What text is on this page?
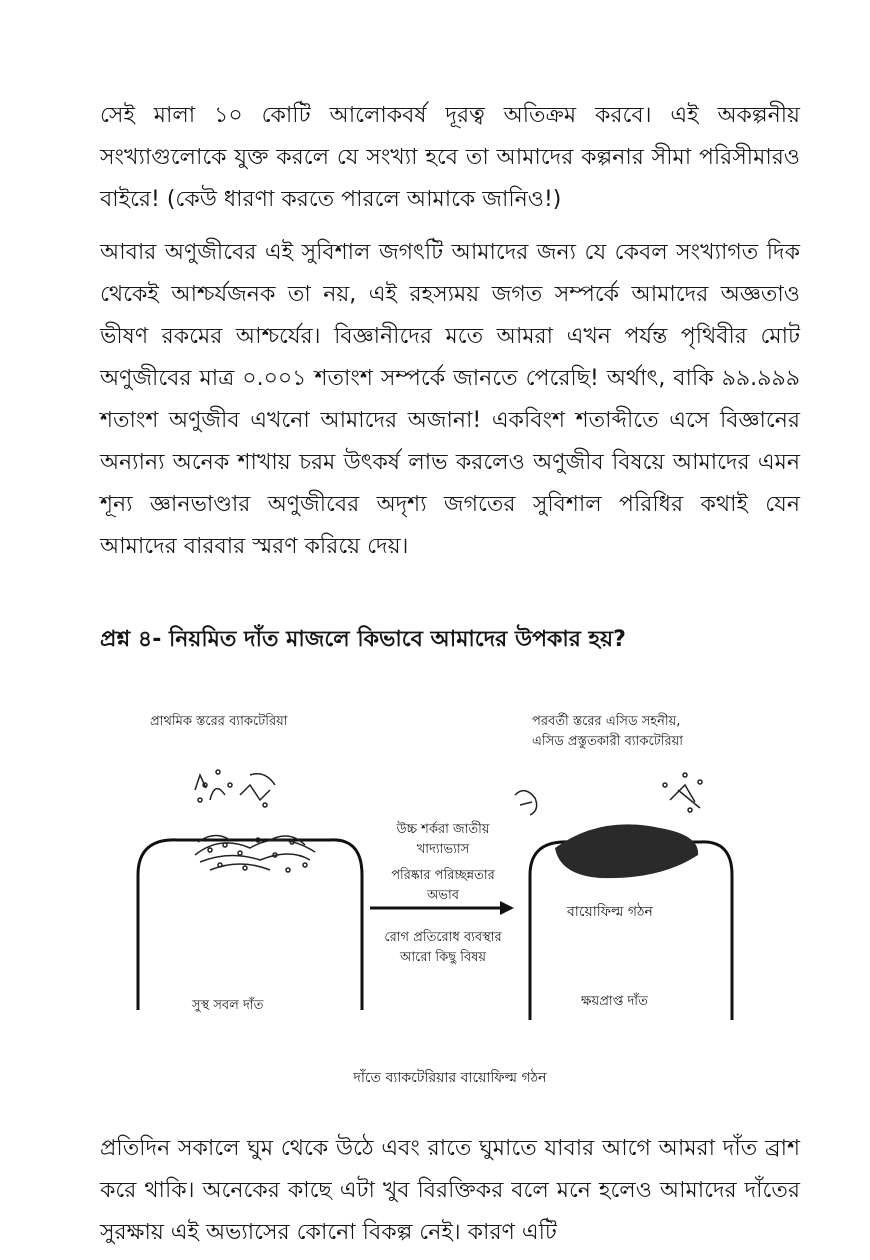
সেই মালা ১০ কোটি আলোকবর্ষ দূরত্ব অতিক্রম করবে। এই অকল্পনীয় সংখ্যাগুলোকে যুক্ত করলে যে সংখ্যা হবে তা আমাদের কল্পনার সীমা পরিসীমারও বাইরে! (কেউ ধারণা করতে পারলে আমাকে জানিও!)

আবার অণুজীবের এই সুবিশাল জগৎটি আমাদের জন্য যে কেবল সংখ্যাগত দিক থেকেই আশ্চর্যজনক তা নয়, এই রহস্যময় জগত সম্পর্কে আমাদের অজ্ঞতাও ভীষণ রকমের আশ্চর্যের। বিজ্ঞানীদের মতে আমরা এখন পর্যন্ত পৃথিবীর মোট অণুজীবের মাত্র ০.০০১ শতাংশ সম্পর্কে জানতে পেরেছি! অর্থাৎ, বাকি ৯৯.৯৯৯ শতাংশ অণুজীব এখনো আমাদের অজানা! একবিংশ শতাব্দীতে এসে বিজ্ঞানের অন্যান্য অনেক শাখায় চরম উৎকর্ষ লাভ করলেও অণুজীব বিষয়ে আমাদের এমন শূন্য জ্ঞানভাণ্ডার অণুজীবের অদৃশ্য জগতের সুবিশাল পরিধির কথাই যেন আমাদের বারবার স্মরণ করিয়ে দেয়।

প্রশ্ন ৪- নিয়মিত দাঁত মাজলে কিভাবে আমাদের উপকার হয়?
প্রাথমিক স্তরের ব্যাকটেরিয়া	পরবর্তী স্তরের এসিড সহনীয়,
এসিড প্রস্তুতকারী ব্যাকটেরিয়া
উচ্চ শর্করা জাতীয়
খাদ্যাভ্যাস
পরিষ্কার পরিচ্ছন্নতার
অভাব
রোগ প্রতিরোধ ব্যবস্থার
আরো কিছু বিষয়
বায়োফিল্ম গঠন
সুস্থ সবল দাঁত	ক্ষয়প্রাপ্ত দাঁত
দাঁতে ব্যাকটেরিয়ার বায়োফিল্ম গঠন

প্রতিদিন সকালে ঘুম থেকে উঠে এবং রাতে ঘুমাতে যাবার আগে আমরা দাঁত ব্রাশ করে থাকি। অনেকের কাছে এটা খুব বিরক্তিকর বলে মনে হলেও আমাদের দাঁতের সুরক্ষায় এই অভ্যাসের কোনো বিকল্প নেই। কারণ এটি
